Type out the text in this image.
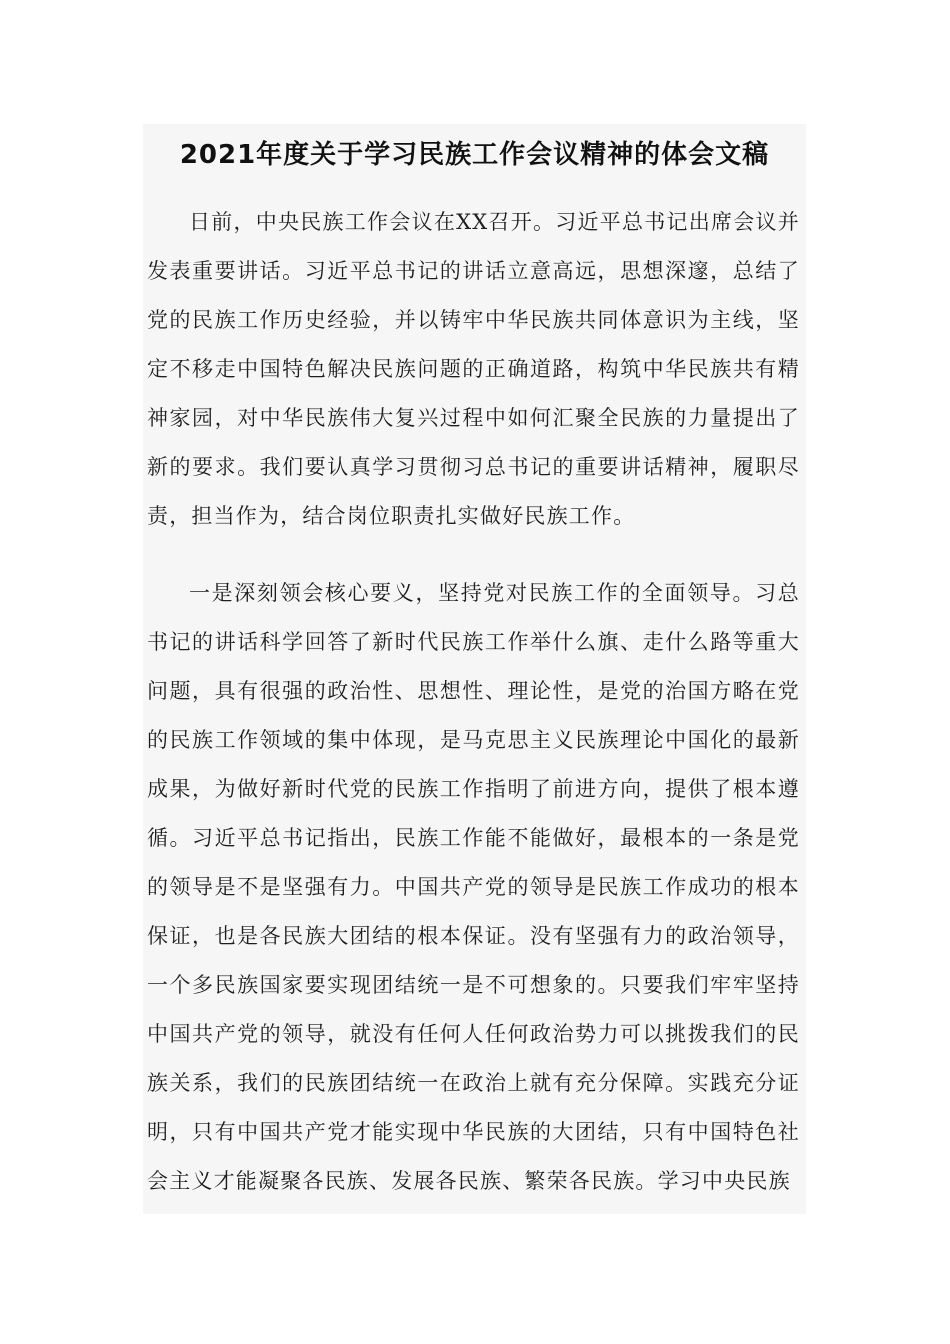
2021年度关于学习民族工作会议精神的体会文稿

日前，中央民族工作会议在XX召开。习近平总书记出席会议并发表重要讲话。习近平总书记的讲话立意高远，思想深邃，总结了党的民族工作历史经验，并以铸牢中华民族共同体意识为主线，坚定不移走中国特色解决民族问题的正确道路，构筑中华民族共有精神家园，对中华民族伟大复兴过程中如何汇聚全民族的力量提出了新的要求。我们要认真学习贯彻习总书记的重要讲话精神，履职尽责，担当作为，结合岗位职责扎实做好民族工作。

一是深刻领会核心要义，坚持党对民族工作的全面领导。习总书记的讲话科学回答了新时代民族工作举什么旗、走什么路等重大问题，具有很强的政治性、思想性、理论性，是党的治国方略在党的民族工作领域的集中体现，是马克思主义民族理论中国化的最新成果，为做好新时代党的民族工作指明了前进方向，提供了根本遵循。习近平总书记指出，民族工作能不能做好，最根本的一条是党的领导是不是坚强有力。中国共产党的领导是民族工作成功的根本保证，也是各民族大团结的根本保证。没有坚强有力的政治领导，一个多民族国家要实现团结统一是不可想象的。只要我们牢牢坚持中国共产党的领导，就没有任何人任何政治势力可以挑拨我们的民族关系，我们的民族团结统一在政治上就有充分保障。实践充分证明，只有中国共产党才能实现中华民族的大团结，只有中国特色社会主义才能凝聚各民族、发展各民族、繁荣各民族。学习中央民族
